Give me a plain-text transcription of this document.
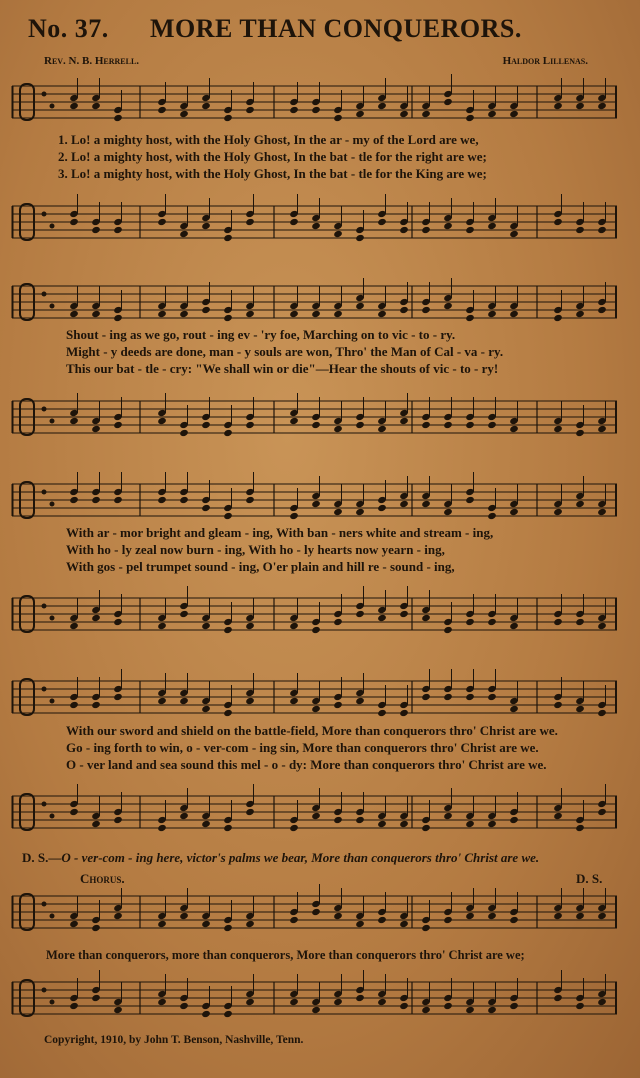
No. 37. MORE THAN CONQUERORS.
Rev. N. B. Herrell.	Haldor Lillenas.
1. Lo! a mighty host, with the Holy Ghost, In the ar - my of the Lord are we,
2. Lo! a mighty host, with the Holy Ghost, In the bat - tle for the right are we;
3. Lo! a mighty host, with the Holy Ghost, In the bat - tle for the King are we;
Shout - ing as we go, rout - ing ev - 'ry foe, Marching on to vic - to - ry.
Might - y deeds are done, man - y souls are won, Thro' the Man of Cal - va - ry.
This our bat - tle - cry: "We shall win or die"—Hear the shouts of vic - to - ry!
With ar - mor bright and gleam - ing, With ban - ners white and stream - ing,
With ho - ly zeal now burn - ing, With ho - ly hearts now yearn - ing,
With gos - pel trumpet sound - ing, O'er plain and hill re - sound - ing,
With our sword and shield on the battle-field, More than conquerors thro' Christ are we.
Go - ing forth to win, o - ver-com - ing sin, More than conquerors thro' Christ are we.
O - ver land and sea sound this mel - o - dy: More than conquerors thro' Christ are we.
D. S.—O - ver-com - ing here, victor's palms we bear, More than conquerors thro' Christ are we.
Chorus.	D. S.
More than conquerors, more than conquerors, More than conquerors thro' Christ are we;
Copyright, 1910, by John T. Benson, Nashville, Tenn.
